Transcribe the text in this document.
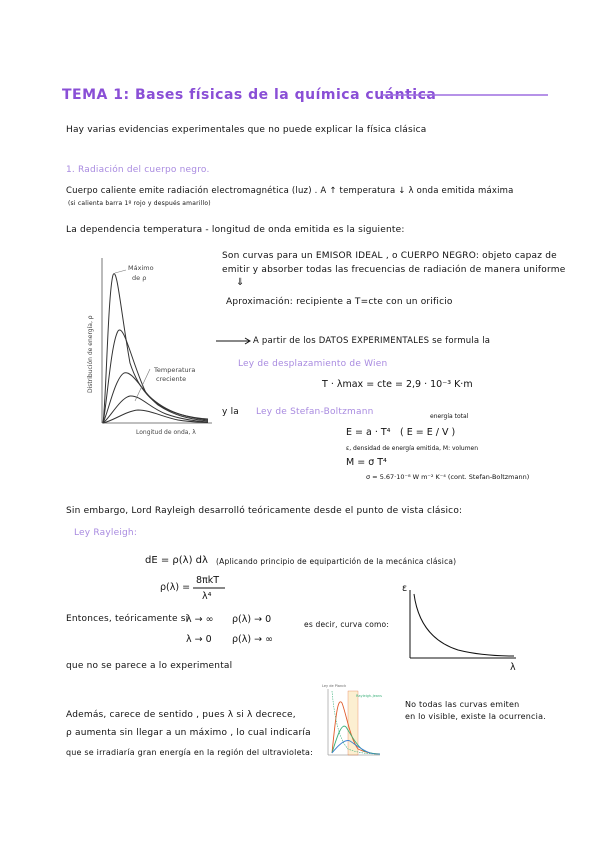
TEMA 1: Bases físicas de la química cuántica
Hay varias evidencias experimentales que no puede explicar la física clásica
1. Radiación del cuerpo negro.
Cuerpo caliente emite radiación electromagnética (luz) . A ↑ temperatura ↓ λ onda emitida máxima
(si calienta barra 1º rojo y después amarillo)
La dependencia temperatura - longitud de onda emitida es la siguiente:
Distribución de energía, ρ
Máximo
de ρ
Temperatura
creciente
Longitud de onda, λ
Son curvas para un EMISOR IDEAL , o CUERPO NEGRO: objeto capaz de
emitir y absorber todas las frecuencias de radiación de manera uniforme
⇓
Aproximación: recipiente a T=cte con un orificio
A partir de los DATOS EXPERIMENTALES se formula la
Ley de desplazamiento de Wien
T · λmax = cte = 2,9 · 10⁻³ K·m
y la Ley de Stefan-Boltzmann	energía total
E = a · T⁴ ( E = E / V )
volumen
ε, densidad de energía emitida, M:
M = σ T⁴
σ = 5.67·10⁻⁸ W m⁻² K⁻⁴ (cont. Stefan-Boltzmann)
Sin embargo, Lord Rayleigh desarrolló teóricamente desde el punto de vista clásico:
Ley Rayleigh:
dE = ρ(λ) dλ (Aplicando principio de equipartición de la mecánica clásica)
ρ(λ) =
8πkT
λ⁴
Entonces, teóricamente si
λ → ∞ ρ(λ) → 0
λ → 0 ρ(λ) → ∞
es decir, curva como:
que no se parece a lo experimental
ε
λ
Ley de Planck
Rayleigh-Jeans
Además, carece de sentido , pues λ si λ decrece,
ρ aumenta sin llegar a un máximo , lo cual indicaría
que se irradiaría gran energía en la región del ultravioleta:
No todas las curvas emiten
en lo visible, existe la ocurrencia.
